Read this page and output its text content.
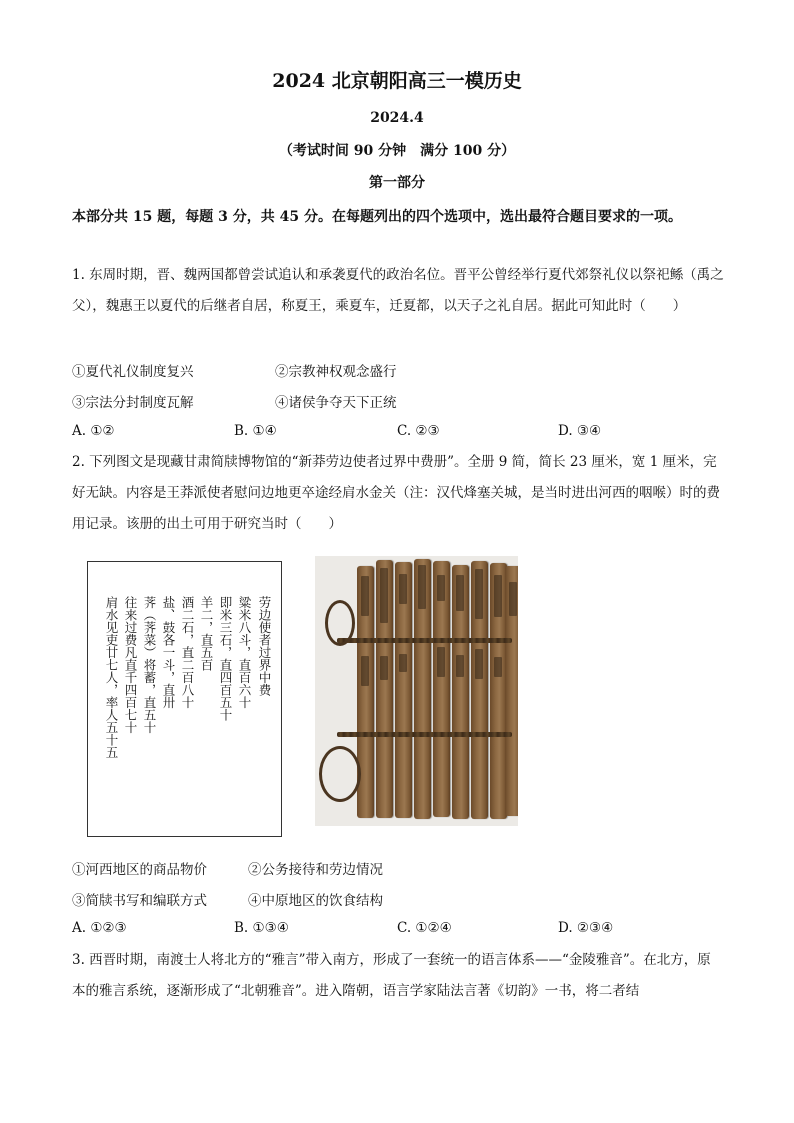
2024 北京朝阳高三一模历史
2024.4
（考试时间 90 分钟　满分 100 分）
第一部分
本部分共 15 题，每题 3 分，共 45 分。在每题列出的四个选项中，选出最符合题目要求的一项。
1. 东周时期，晋、魏两国都曾尝试追认和承袭夏代的政治名位。晋平公曾经举行夏代郊祭礼仪以祭祀鲧（禹之父），魏惠王以夏代的后继者自居，称夏王，乘夏车，迁夏都，以天子之礼自居。据此可知此时（　　）
①夏代礼仪制度复兴	②宗教神权观念盛行
③宗法分封制度瓦解	④诸侯争夺天下正统
A. ①②	B. ①④	C. ②③	D. ③④
2. 下列图文是现藏甘肃简牍博物馆的“新莽劳边使者过界中费册”。全册 9 简，简长 23 厘米，宽 1 厘米，完好无缺。内容是王莽派使者慰问边地更卒途经肩水金关（注：汉代烽塞关城，是当时进出河西的咽喉）时的费用记录。该册的出土可用于研究当时（　　）
劳边使者过界中费
粱米八斗，直百六十
即米三石，直四百五十
羊二，直五百
酒二石，直二百八十
盐、鼓各一斗，直卅
荠（荠菜）将蓄，直五十
往来过费凡直千四百七十
肩水见吏廿七人，率人五十五
①河西地区的商品物价	②公务接待和劳边情况
③简牍书写和编联方式	④中原地区的饮食结构
A. ①②③	B. ①③④	C. ①②④	D. ②③④
3. 西晋时期，南渡士人将北方的“雅言”带入南方，形成了一套统一的语言体系——“金陵雅音”。在北方，原本的雅言系统，逐渐形成了“北朝雅音”。进入隋朝，语言学家陆法言著《切韵》一书，将二者结
